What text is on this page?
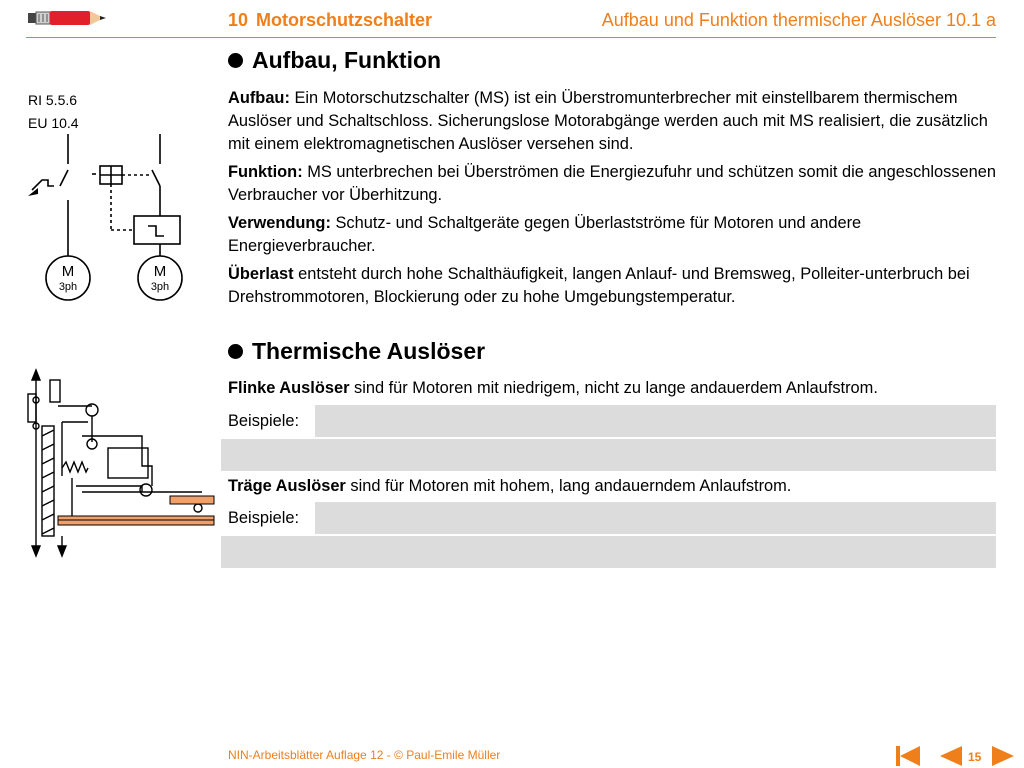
10 Motorschutzschalter	Aufbau und Funktion thermischer Auslöser 10.1 a
Aufbau, Funktion
RI 5.5.6
EU 10.4

Aufbau: Ein Motorschutzschalter (MS) ist ein Überstromunterbrecher mit einstellbarem thermischem Auslöser und Schaltschloss. Sicherungslose Motorabgänge werden auch mit MS realisiert, die zusätzlich mit einem elektromagnetischen Auslöser versehen sind.

Funktion: MS unterbrechen bei Überströmen die Energiezufuhr und schützen somit die angeschlossenen Verbraucher vor Überhitzung.

Verwendung: Schutz- und Schaltgeräte gegen Überlastströme für Motoren und andere Energieverbraucher.

Überlast entsteht durch hohe Schalthäufigkeit, langen Anlauf- und Bremsweg, Polleiter-unterbruch bei Drehstrommotoren, Blockierung oder zu hohe Umgebungstemperatur.

M
3ph
M
3ph
Thermische Auslöser
Flinke Auslöser sind für Motoren mit niedrigem, nicht zu lange andauerdem Anlaufstrom.
Beispiele:
Träge Auslöser sind für Motoren mit hohem, lang andauerndem Anlaufstrom.
Beispiele:
NIN-Arbeitsblätter Auflage 12 - © Paul-Emile Müller	15
